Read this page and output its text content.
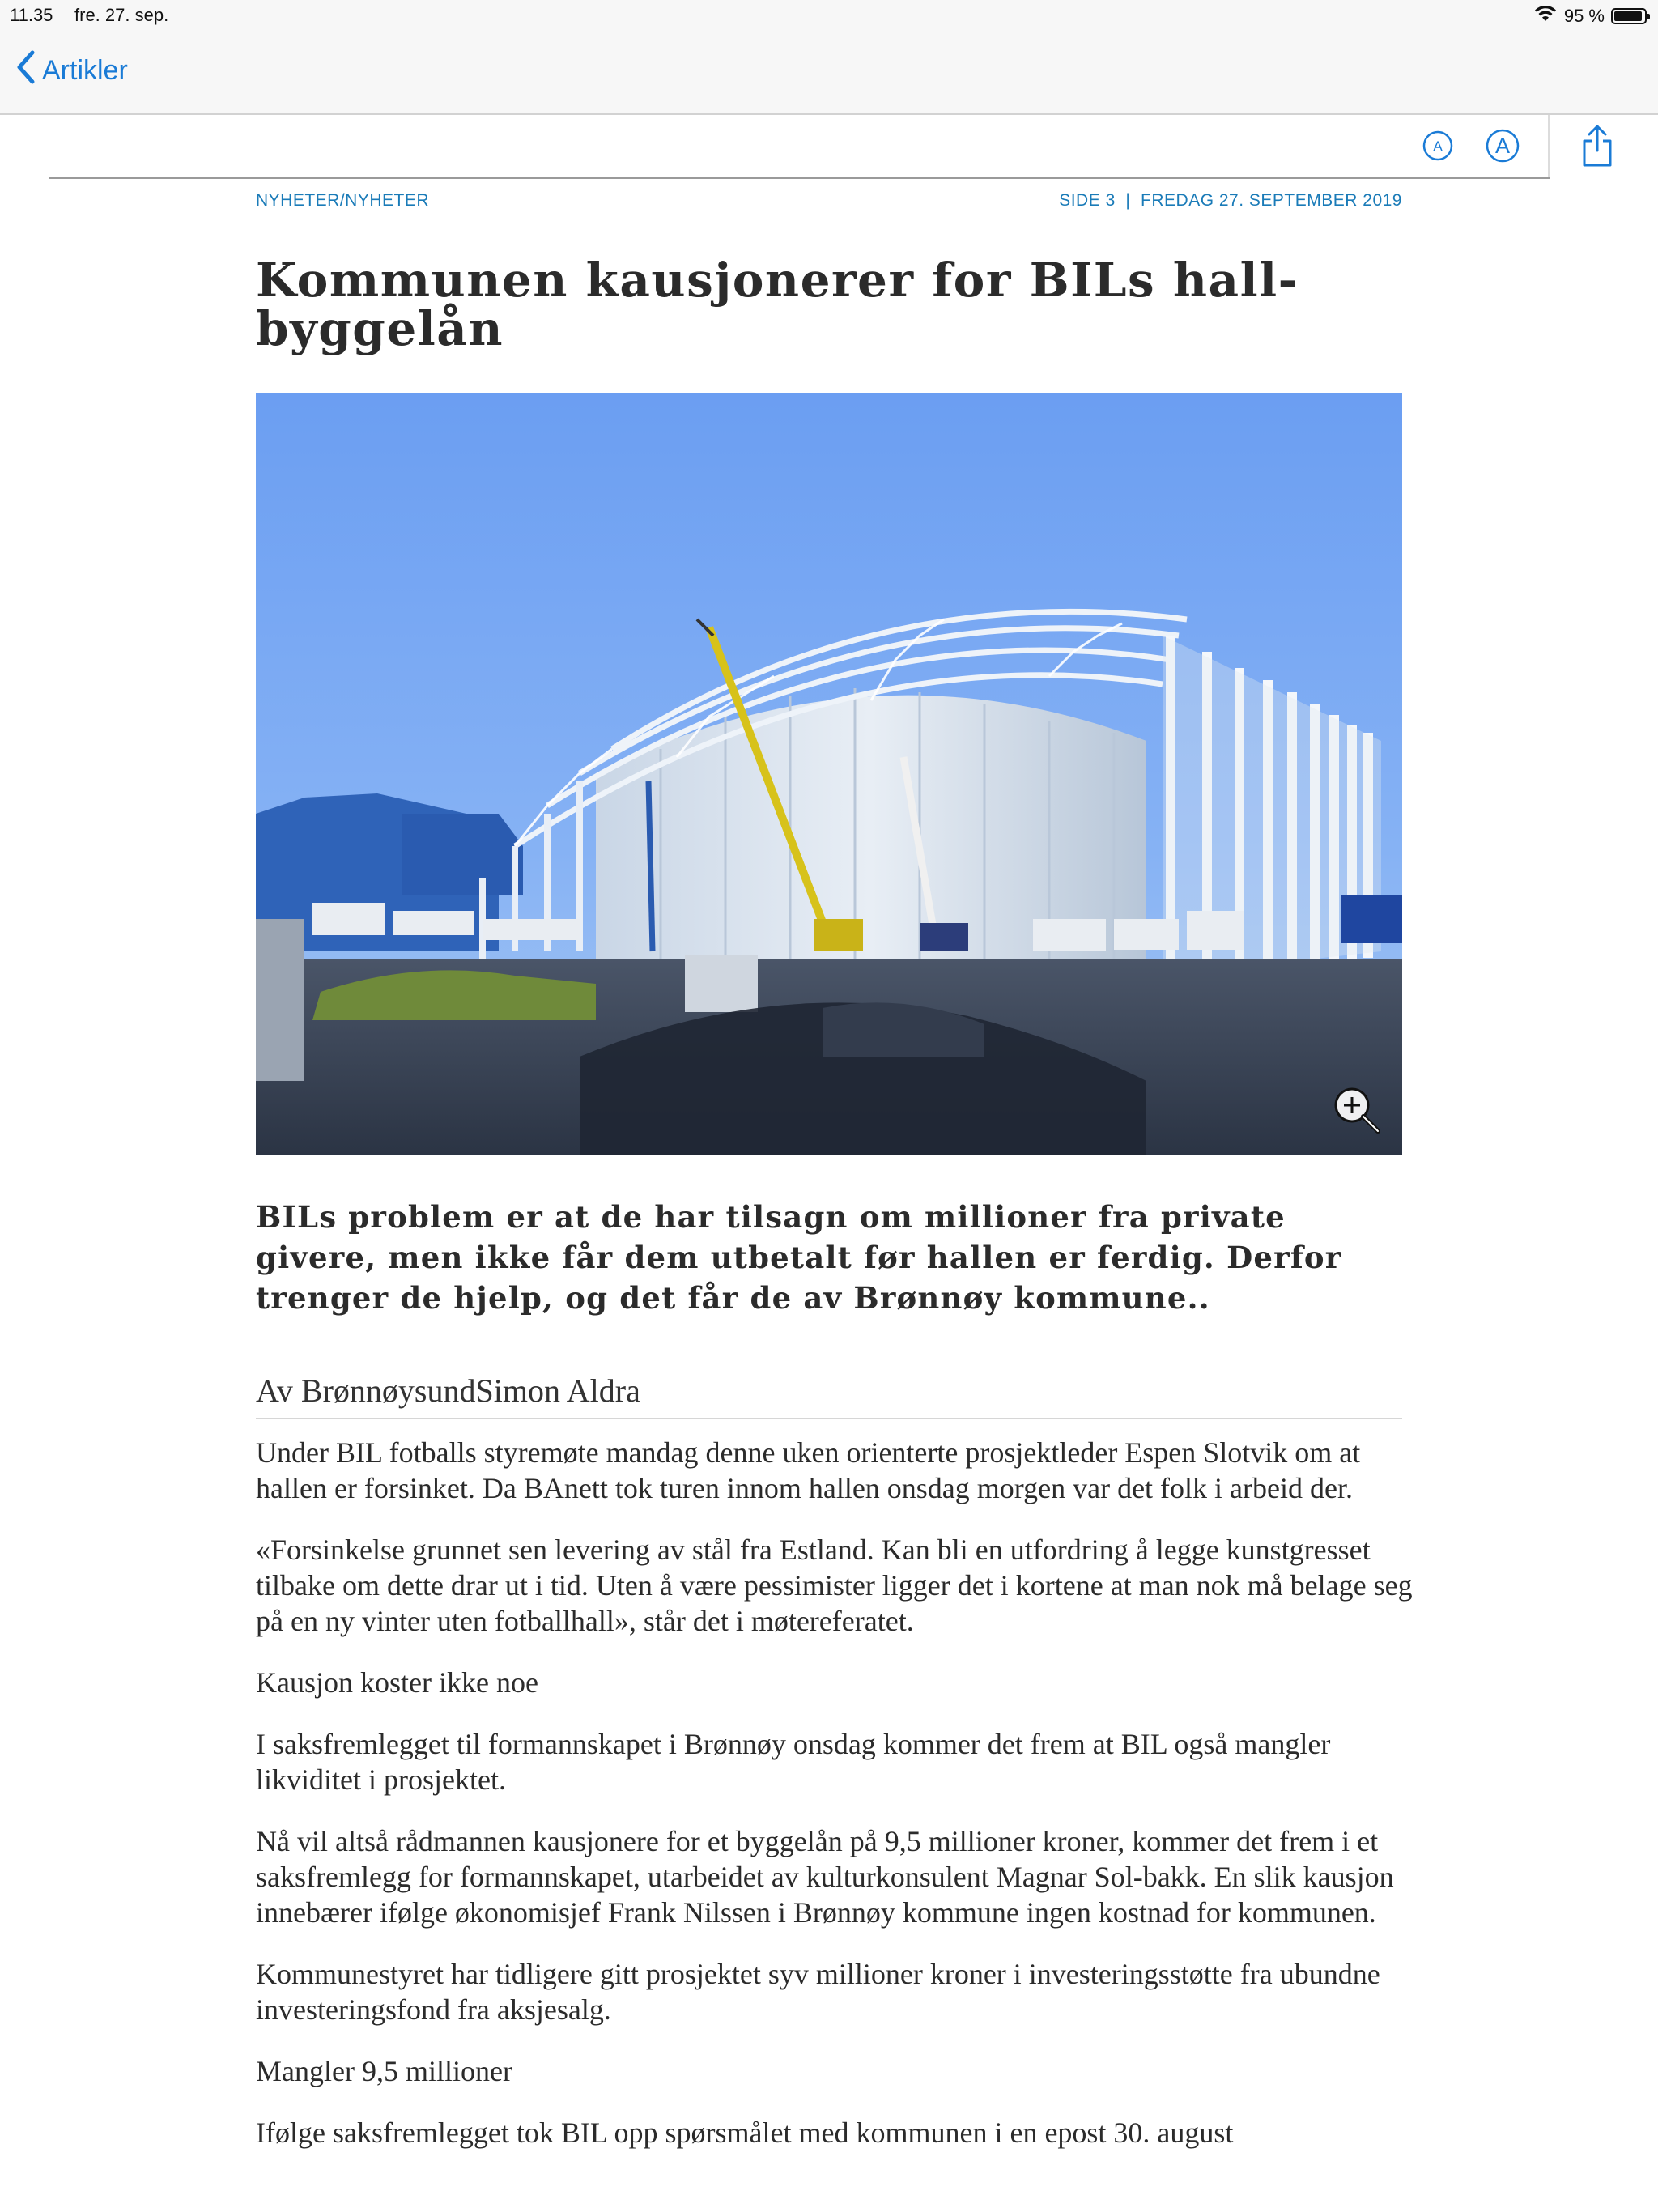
11.35 fre. 27. sep.	95 %
Artikler
A A
NYHETER/NYHETER	SIDE 3  |  FREDAG 27. SEPTEMBER 2019
Kommunen kausjonerer for BILs hall- byggelån

BILs problem er at de har tilsagn om millioner fra private givere, men ikke får dem utbetalt før hallen er ferdig. Derfor trenger de hjelp, og det får de av Brønnøy kommune..

Av BrønnøysundSimon Aldra

Under BIL fotballs styremøte mandag denne uken orienterte prosjektleder Espen Slotvik om at hallen er forsinket. Da BAnett tok turen innom hallen onsdag morgen var det folk i arbeid der.

«Forsinkelse grunnet sen levering av stål fra Estland. Kan bli en utfordring å legge kunstgresset tilbake om dette drar ut i tid. Uten å være pessimister ligger det i kortene at man nok må belage seg på en ny vinter uten fotballhall», står det i møtereferatet.

Kausjon koster ikke noe

I saksfremlegget til formannskapet i Brønnøy onsdag kommer det frem at BIL også mangler likviditet i prosjektet.

Nå vil altså rådmannen kausjonere for et byggelån på 9,5 millioner kroner, kommer det frem i et saksfremlegg for formannskapet, utarbeidet av kulturkonsulent Magnar Sol-bakk. En slik kausjon innebærer ifølge økonomisjef Frank Nilssen i Brønnøy kommune ingen kostnad for kommunen.

Kommunestyret har tidligere gitt prosjektet syv millioner kroner i investeringsstøtte fra ubundne investeringsfond fra aksjesalg.

Mangler 9,5 millioner

Ifølge saksfremlegget tok BIL opp spørsmålet med kommunen i en epost 30. august
